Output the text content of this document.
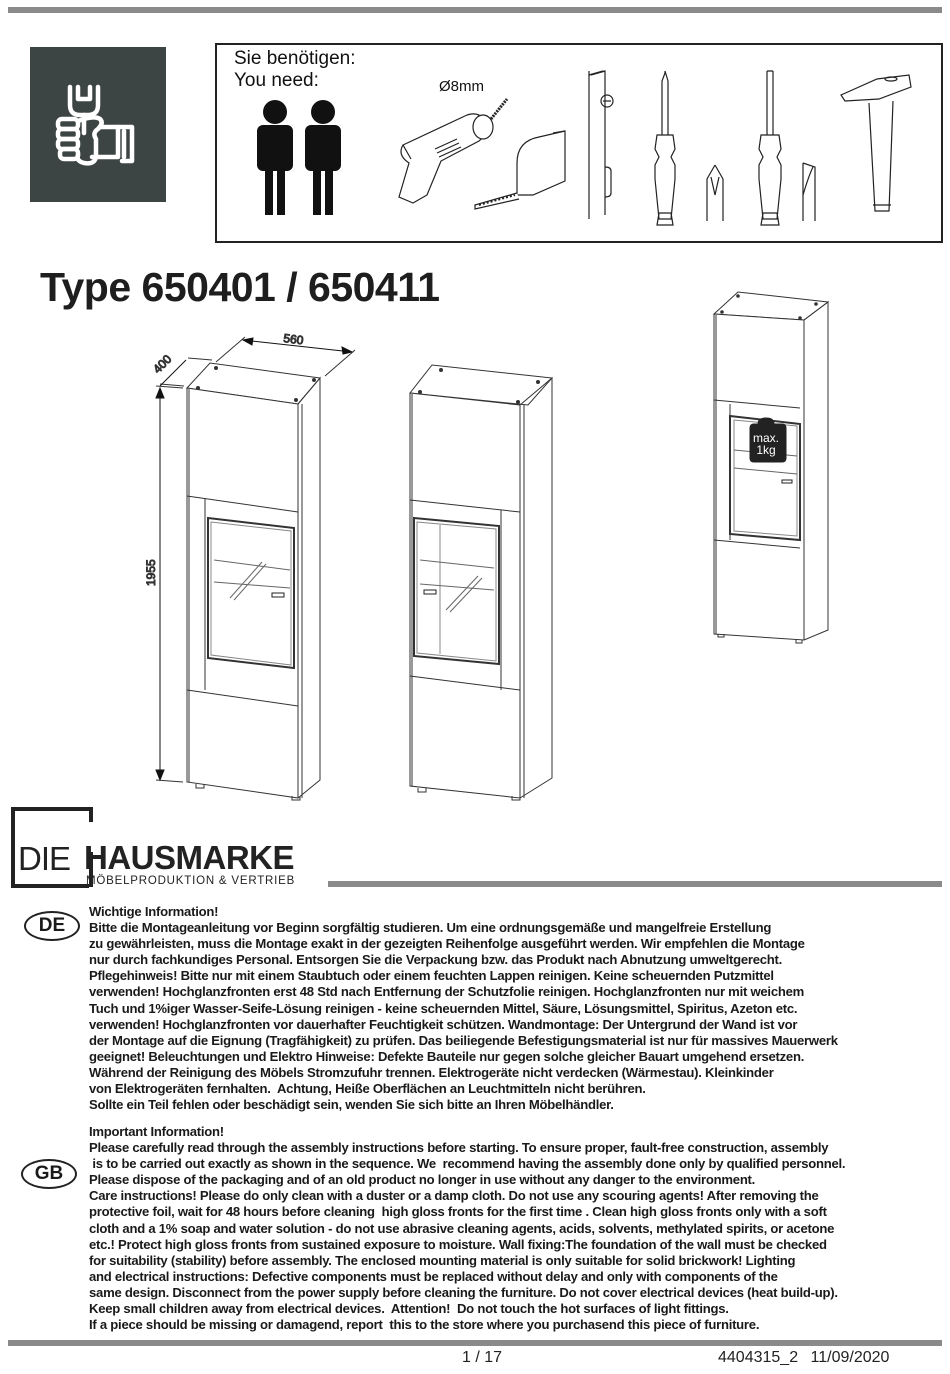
Sie benötigen:
You need:	Ø8mm
Type 650401 / 650411
560
400
1955
max.
1kg
DIE HAUSMARKE
MÖBELPRODUKTION & VERTRIEB
DE
Wichtige Information!
Bitte die Montageanleitung vor Beginn sorgfältig studieren. Um eine ordnungsgemäße und mangelfreie Erstellung
zu gewährleisten, muss die Montage exakt in der gezeigten Reihenfolge ausgeführt werden. Wir empfehlen die Montage
nur durch fachkundiges Personal. Entsorgen Sie die Verpackung bzw. das Produkt nach Abnutzung umweltgerecht.
Pflegehinweis! Bitte nur mit einem Staubtuch oder einem feuchten Lappen reinigen. Keine scheuernden Putzmittel
verwenden! Hochglanzfronten erst 48 Std nach Entfernung der Schutzfolie reinigen. Hochglanzfronten nur mit weichem
Tuch und 1%iger Wasser-Seife-Lösung reinigen - keine scheuernden Mittel, Säure, Lösungsmittel, Spiritus, Azeton etc.
verwenden! Hochglanzfronten vor dauerhafter Feuchtigkeit schützen. Wandmontage: Der Untergrund der Wand ist vor
der Montage auf die Eignung (Tragfähigkeit) zu prüfen. Das beiliegende Befestigungsmaterial ist nur für massives Mauerwerk
geeignet! Beleuchtungen und Elektro Hinweise: Defekte Bauteile nur gegen solche gleicher Bauart umgehend ersetzen.
Während der Reinigung des Möbels Stromzufuhr trennen. Elektrogeräte nicht verdecken (Wärmestau). Kleinkinder
von Elektrogeräten fernhalten.  Achtung, Heiße Oberflächen an Leuchtmitteln nicht berühren.
Sollte ein Teil fehlen oder beschädigt sein, wenden Sie sich bitte an Ihren Möbelhändler.
GB
Important Information!
Please carefully read through the assembly instructions before starting. To ensure proper, fault-free construction, assembly
is to be carried out exactly as shown in the sequence. We  recommend having the assembly done only by qualified personnel.
Please dispose of the packaging and of an old product no longer in use without any danger to the environment.
Care instructions! Please do only clean with a duster or a damp cloth. Do not use any scouring agents! After removing the
protective foil, wait for 48 hours before cleaning  high gloss fronts for the first time . Clean high gloss fronts only with a soft
cloth and a 1% soap and water solution - do not use abrasive cleaning agents, acids, solvents, methylated spirits, or acetone
etc.! Protect high gloss fronts from sustained exposure to moisture. Wall fixing:The foundation of the wall must be checked
for suitability (stability) before assembly. The enclosed mounting material is only suitable for solid brickwork! Lighting
and electrical instructions: Defective components must be replaced without delay and only with components of the
same design. Disconnect from the power supply before cleaning the furniture. Do not cover electrical devices (heat build-up).
Keep small children away from electrical devices.  Attention!  Do not touch the hot surfaces of light fittings.
If a piece should be missing or damagend, report  this to the store where you purchasend this piece of furniture.
1 / 17	4404315_2 11/09/2020
